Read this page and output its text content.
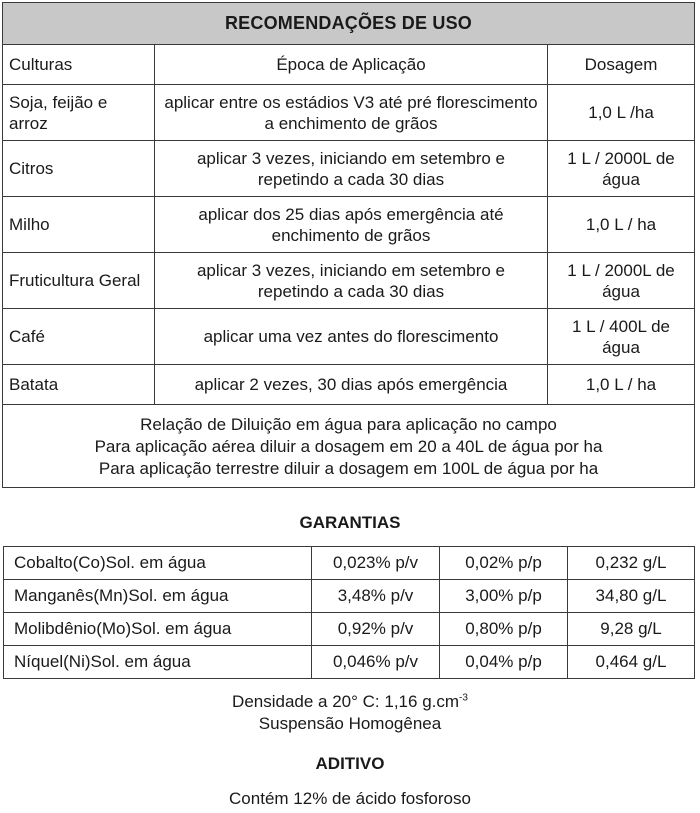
RECOMENDAÇÕES DE USO		
Culturas	Época de Aplicação	Dosagem
Soja, feijão e arroz	aplicar entre os estádios V3 até pré florescimento a enchimento de grãos	1,0 L /ha
Citros	aplicar 3 vezes, iniciando em setembro e repetindo a cada 30 dias	1 L / 2000L de água
Milho	aplicar dos 25 dias após emergência até enchimento de grãos	1,0 L / ha
Fruticultura Geral	aplicar 3 vezes, iniciando em setembro e repetindo a cada 30 dias	1 L / 2000L de água
Café	aplicar uma vez antes do florescimento	1 L / 400L de água
Batata	aplicar 2 vezes, 30 dias após emergência	1,0 L / ha

Relação de Diluição em água para aplicação no campo
Para aplicação aérea diluir a dosagem em 20 a 40L de água por ha
Para aplicação terrestre diluir a dosagem em 100L de água por ha		
GARANTIAS
Cobalto(Co)Sol. em água	0,023% p/v	0,02% p/p	0,232 g/L
Manganês(Mn)Sol. em água	3,48% p/v	3,00% p/p	34,80 g/L
Molibdênio(Mo)Sol. em água	0,92% p/v	0,80% p/p	9,28 g/L
Níquel(Ni)Sol. em água	0,046% p/v	0,04% p/p	0,464 g/L
Densidade a 20° C: 1,16 $g.cm^{-3}$
Suspensão Homogênea
ADITIVO
Contém 12% de ácido fosforoso
